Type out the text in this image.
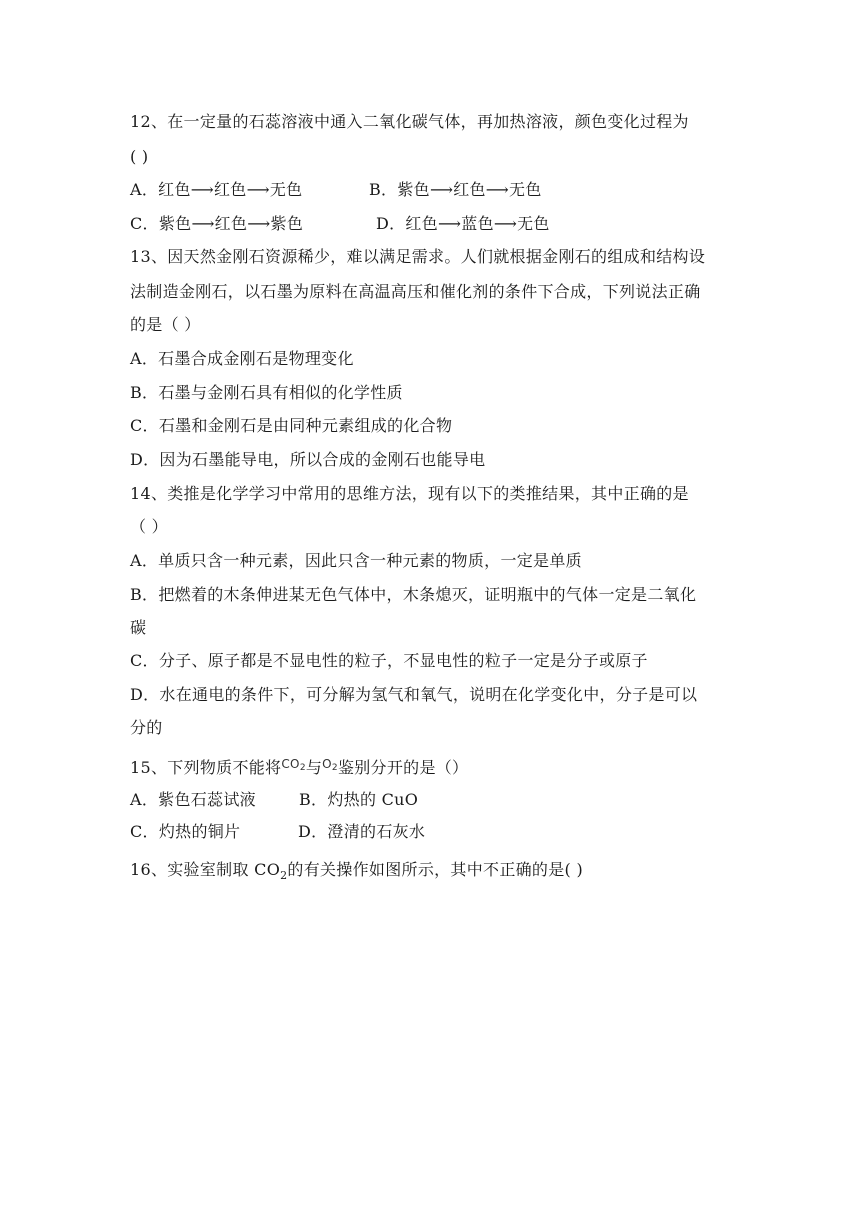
12、在一定量的石蕊溶液中通入二氧化碳气体，再加热溶液，颜色变化过程为
( )
A．红色⟶红色⟶无色	B．紫色⟶红色⟶无色
C．紫色⟶红色⟶紫色	D．红色⟶蓝色⟶无色
13、因天然金刚石资源稀少，难以满足需求。人们就根据金刚石的组成和结构设
法制造金刚石，以石墨为原料在高温高压和催化剂的条件下合成，下列说法正确
的是（ ）
A．石墨合成金刚石是物理变化
B．石墨与金刚石具有相似的化学性质
C．石墨和金刚石是由同种元素组成的化合物
D．因为石墨能导电，所以合成的金刚石也能导电
14、类推是化学学习中常用的思维方法，现有以下的类推结果，其中正确的是
（ ）
A．单质只含一种元素，因此只含一种元素的物质，一定是单质
B．把燃着的木条伸进某无色气体中，木条熄灭，证明瓶中的气体一定是二氧化
碳
C．分子、原子都是不显电性的粒子，不显电性的粒子一定是分子或原子
D．水在通电的条件下，可分解为氢气和氧气，说明在化学变化中，分子是可以
分的
15、下列物质不能将$CO_2$与$O_2$鉴别分开的是（）
A．紫色石蕊试液	B．灼热的 CuO
C．灼热的铜片	D．澄清的石灰水
16、实验室制取 $CO_2$的有关操作如图所示，其中不正确的是( )
